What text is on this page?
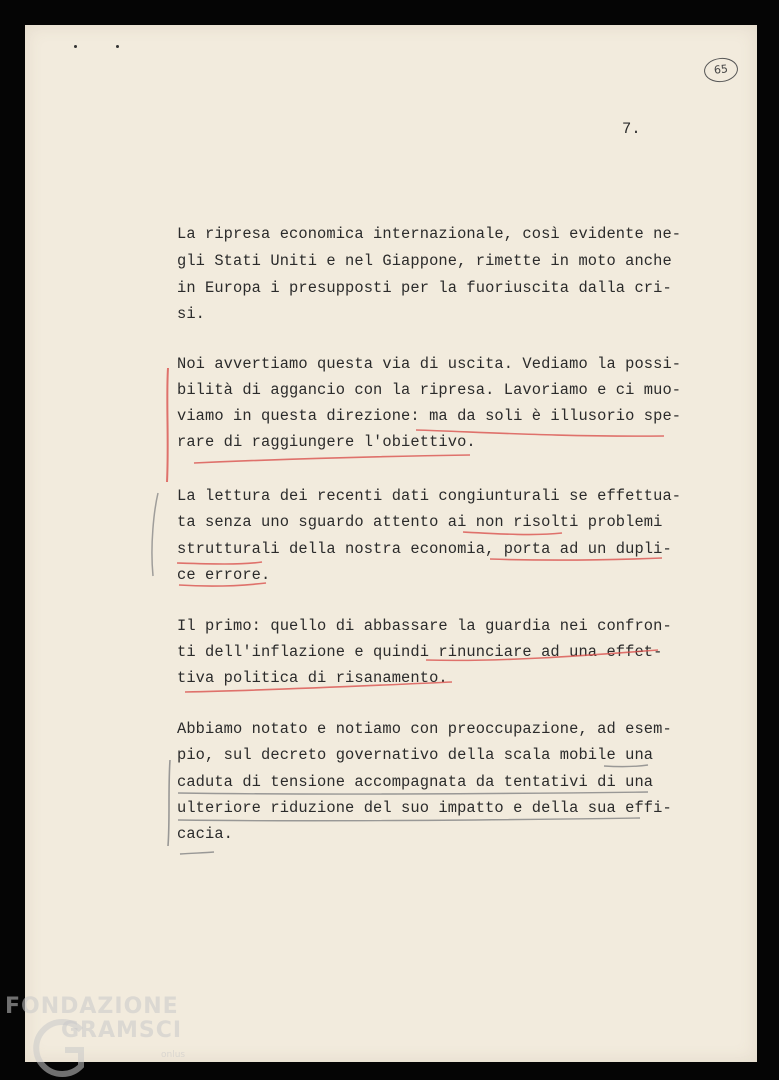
65
7.
La ripresa economica internazionale, così evidente ne-
gli Stati Uniti e nel Giappone, rimette in moto anche
in Europa i presupposti per la fuoriuscita dalla cri-
si.
Noi avvertiamo questa via di uscita. Vediamo la possi-
bilità di aggancio con la ripresa. Lavoriamo e ci muo-
viamo in questa direzione: ma da soli è illusorio spe-
rare di raggiungere l'obiettivo.
La lettura dei recenti dati congiunturali se effettua-
ta senza uno sguardo attento ai non risolti problemi
strutturali della nostra economia, porta ad un dupli-
ce errore.
Il primo: quello di abbassare la guardia nei confron-
ti dell'inflazione e quindi rinunciare ad una effet-
tiva politica di risanamento.
Abbiamo notato e notiamo con preoccupazione, ad esem-
pio, sul decreto governativo della scala mobile una
caduta di tensione accompagnata da tentativi di una
ulteriore riduzione del suo impatto e della sua effi-
cacia.
FONDAZIONE
GRAMSCI
onlus
